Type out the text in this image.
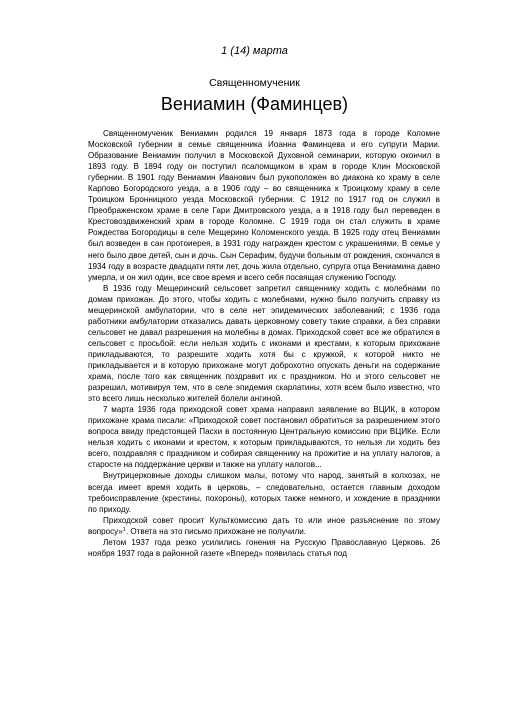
1 (14) марта
Священномученик
Вениамин (Фаминцев)

Священномученик Вениамин родился 19 января 1873 года в городе Коломне Московской губернии в семье священника Иоанна Фаминцева и его супруги Марии. Образование Вениамин получил в Московской Духовной семинарии, которую окончил в 1893 году. В 1894 году он поступил псаломщиком в храм в городе Клин Московской губернии. В 1901 году Вениамин Иванович был рукоположен во диакона ко храму в селе Карпово Богородского уезда, а в 1906 году – во священника к Троицкому храму в селе Троицком Бронницкого уезда Московской губернии. С 1912 по 1917 год он служил в Преображенском храме в селе Гари Дмитровского уезда, а в 1918 году был переведен в Крестовоздвиженский храм в городе Коломне. С 1919 года он стал служить в храме Рождества Богородицы в селе Мещерино Коломенского уезда. В 1925 году отец Вениамин был возведен в сан протоиерея, в 1931 году награжден крестом с украшениями. В семье у него было двое детей, сын и дочь. Сын Серафим, будучи больным от рождения, скончался в 1934 году в возрасте двадцати пяти лет, дочь жила отдельно, супруга отца Вениамина давно умерла, и он жил один, все свое время и всего себя посвящая служению Господу.

В 1936 году Мещеринский сельсовет запретил священнику ходить с молебнами по домам прихожан. До этого, чтобы ходить с молебнами, нужно было получить справку из мещеринской амбулатории, что в селе нет эпидемических заболеваний; с 1936 года работники амбулатории отказались давать церковному совету такие справки, а без справки сельсовет не давал разрешения на молебны в домах. Приходской совет все же обратился в сельсовет с просьбой: если нельзя ходить с иконами и крестами, к которым прихожане прикладываются, то разрешите ходить хотя бы с кружкой, к которой никто не прикладывается и в которую прихожане могут доброхотно опускать деньги на содержание храма, после того как священник поздравит их с праздником. Но и этого сельсовет не разрешил, мотивируя тем, что в селе эпидемия скарлатины, хотя всем было известно, что это всего лишь несколько жителей болели ангиной.

7 марта 1936 года приходской совет храма направил заявление во ВЦИК, в котором прихожане храма писали: «Приходской совет постановил обратиться за разрешением этого вопроса ввиду предстоящей Пасхи в постоянную Центральную комиссию при ВЦИКе. Если нельзя ходить с иконами и крестом, к которым прикладываются, то нельзя ли ходить без всего, поздравляя с праздником и собирая священнику на прожитие и на уплату налогов, а старосте на поддержание церкви и также на уплату налогов...

Внутрицерковные доходы слишком малы, потому что народ, занятый в колхозах, не всегда имеет время ходить в церковь, – следовательно, остается главным доходом требоисправление (крестины, похороны), которых также немного, и хождение в праздники по приходу.

Приходской совет просит Культкомиссию дать то или иное разъяснение по этому вопросу»$^1$. Ответа на это письмо прихожане не получили.

Летом 1937 года резко усилились гонения на Русскую Православную Церковь. 26 ноября 1937 года в районной газете «Вперед» появилась статья под
